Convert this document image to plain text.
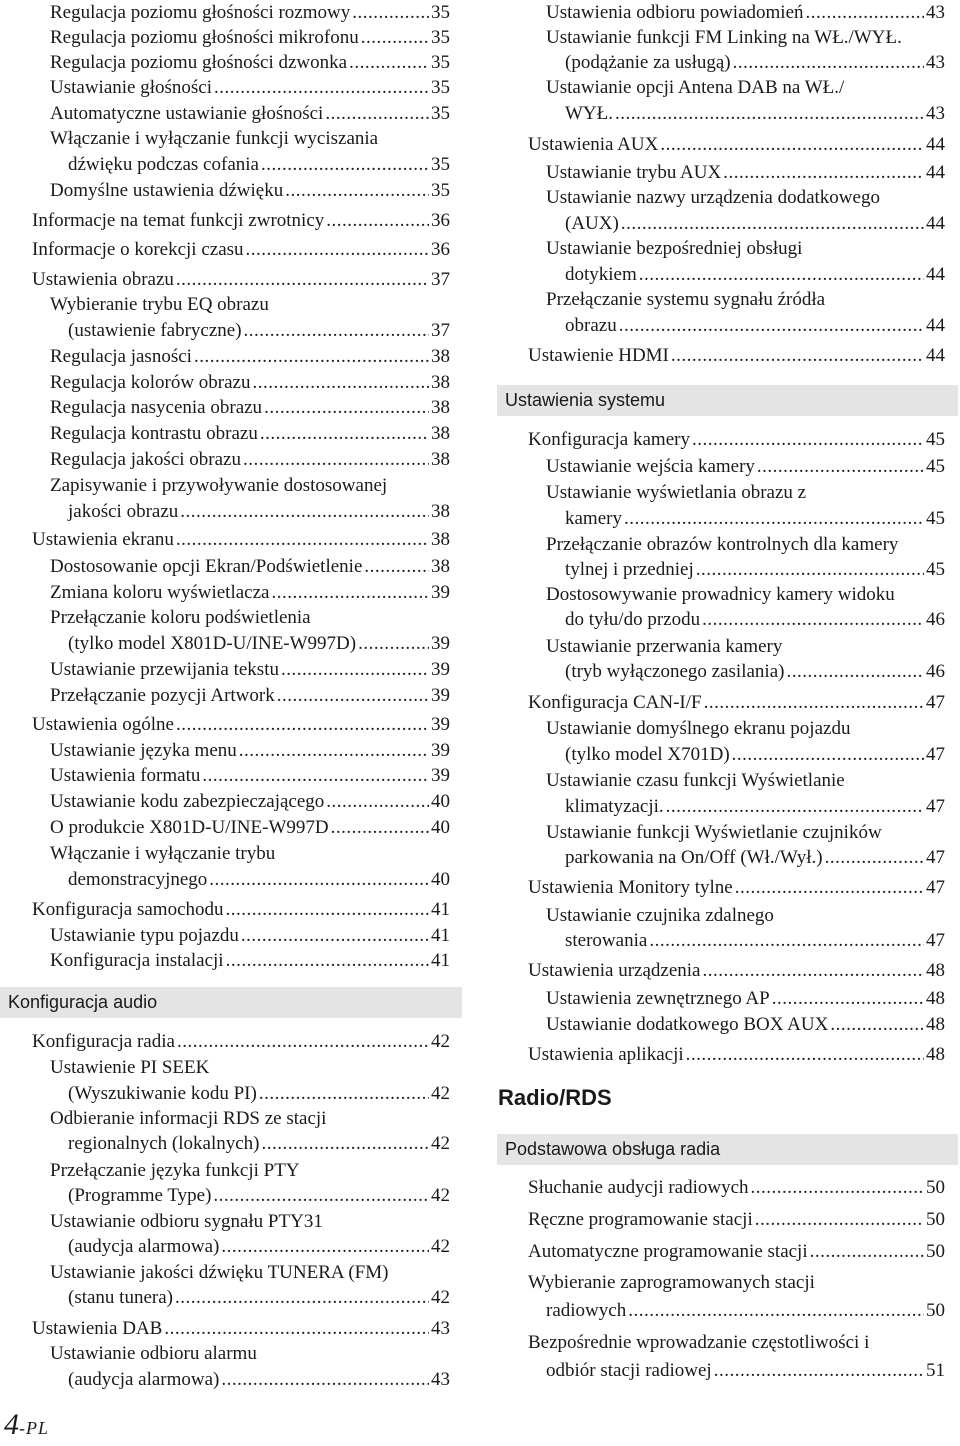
Regulacja poziomu głośności rozmowy .....	35
Regulacja poziomu głośności mikrofonu .....	35
Regulacja poziomu głośności dzwonka .....	35
Ustawianie głośności .....	35
Automatyczne ustawianie głośności .....	35
Włączanie i wyłączanie funkcji wyciszania
dźwięku podczas cofania .....	35
Domyślne ustawienia dźwięku .....	35
Informacje na temat funkcji zwrotnicy .....	36
Informacje o korekcji czasu .....	36
Ustawienia obrazu .....	37
Wybieranie trybu EQ obrazu
(ustawienie fabryczne) .....	37
Regulacja jasności .....	38
Regulacja kolorów obrazu .....	38
Regulacja nasycenia obrazu .....	38
Regulacja kontrastu obrazu .....	38
Regulacja jakości obrazu .....	38
Zapisywanie i przywoływanie dostosowanej
jakości obrazu .....	38
Ustawienia ekranu .....	38
Dostosowanie opcji Ekran/Podświetlenie .....	38
Zmiana koloru wyświetlacza .....	39
Przełączanie koloru podświetlenia
(tylko model X801D-U/INE-W997D) .....	39
Ustawianie przewijania tekstu .....	39
Przełączanie pozycji Artwork .....	39
Ustawienia ogólne .....	39
Ustawianie języka menu .....	39
Ustawienia formatu .....	39
Ustawianie kodu zabezpieczającego .....	40
O produkcie X801D-U/INE-W997D .....	40
Włączanie i wyłączanie trybu
demonstracyjnego .....	40
Konfiguracja samochodu .....	41
Ustawianie typu pojazdu .....	41
Konfiguracja instalacji .....	41
Konfiguracja audio
Konfiguracja radia .....	42
Ustawienie PI SEEK
(Wyszukiwanie kodu PI) .....	42
Odbieranie informacji RDS ze stacji
regionalnych (lokalnych) .....	42
Przełączanie języka funkcji PTY
(Programme Type) .....	42
Ustawianie odbioru sygnału PTY31
(audycja alarmowa) .....	42
Ustawianie jakości dźwięku TUNERA (FM)
(stanu tunera) .....	42
Ustawienia DAB .....	43
Ustawianie odbioru alarmu
(audycja alarmowa) .....	43
Ustawienia odbioru powiadomień .....	43
Ustawianie funkcji FM Linking na WŁ./WYŁ.
(podążanie za usługą) .....	43
Ustawianie opcji Antena DAB na WŁ./
WYŁ. .....	43
Ustawienia AUX .....	44
Ustawianie trybu AUX .....	44
Ustawianie nazwy urządzenia dodatkowego
(AUX) .....	44
Ustawianie bezpośredniej obsługi
dotykiem .....	44
Przełączanie systemu sygnału źródła
obrazu .....	44
Ustawienie HDMI .....	44
Ustawienia systemu
Konfiguracja kamery .....	45
Ustawianie wejścia kamery .....	45
Ustawianie wyświetlania obrazu z
kamery .....	45
Przełączanie obrazów kontrolnych dla kamery
tylnej i przedniej .....	45
Dostosowywanie prowadnicy kamery widoku
do tyłu/do przodu .....	46
Ustawianie przerwania kamery
(tryb wyłączonego zasilania) .....	46
Konfiguracja CAN-I/F .....	47
Ustawianie domyślnego ekranu pojazdu
(tylko model X701D) .....	47
Ustawianie czasu funkcji Wyświetlanie
klimatyzacji. .....	47
Ustawianie funkcji Wyświetlanie czujników
parkowania na On/Off (Wł./Wył.) .....	47
Ustawienia Monitory tylne .....	47
Ustawianie czujnika zdalnego
sterowania .....	47
Ustawienia urządzenia .....	48
Ustawienia zewnętrznego AP .....	48
Ustawianie dodatkowego BOX AUX .....	48
Ustawienia aplikacji .....	48
Radio/RDS
Podstawowa obsługa radia
Słuchanie audycji radiowych .....	50
Ręczne programowanie stacji .....	50
Automatyczne programowanie stacji .....	50
Wybieranie zaprogramowanych stacji
radiowych .....	50
Bezpośrednie wprowadzanie częstotliwości i
odbiór stacji radiowej .....	51
4-PL
